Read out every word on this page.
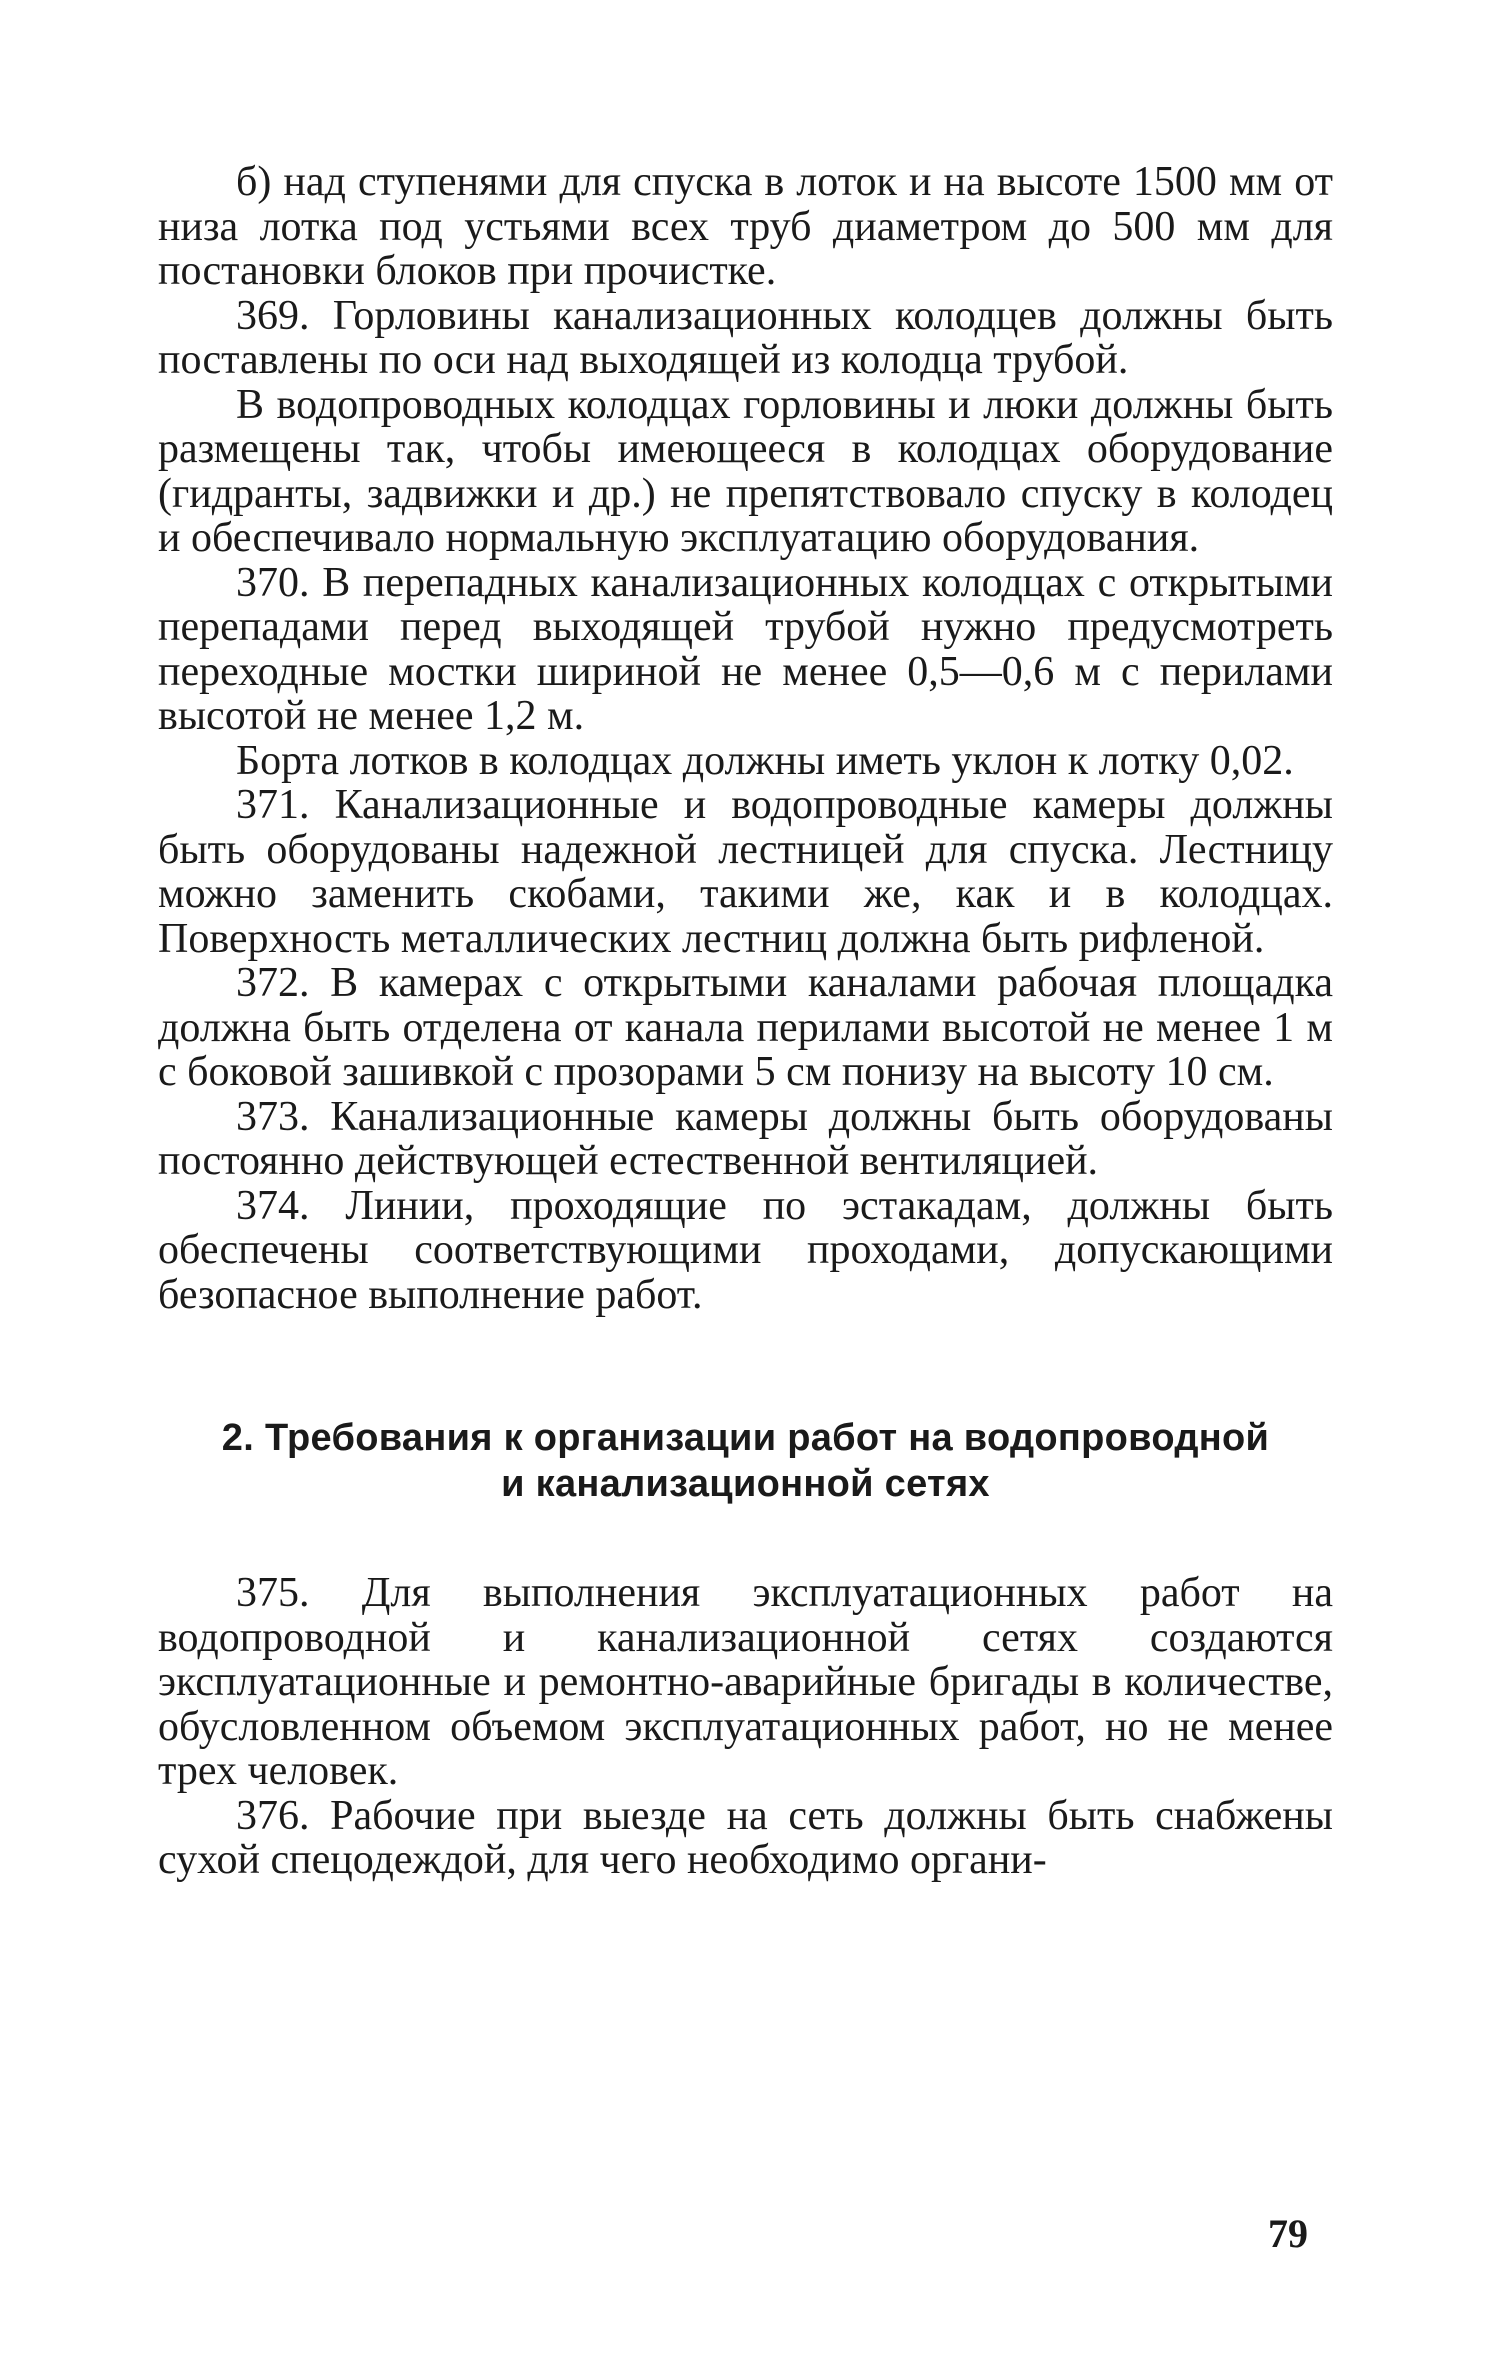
б) над ступенями для спуска в лоток и на высоте 1500 мм от низа лотка под устьями всех труб диаметром до 500 мм для постановки блоков при прочистке.

369. Горловины канализационных колодцев должны быть поставлены по оси над выходящей из колодца трубой.

В водопроводных колодцах горловины и люки должны быть размещены так, чтобы имеющееся в колодцах оборудование (гидранты, задвижки и др.) не препятствовало спуску в колодец и обеспечивало нормальную эксплуатацию оборудования.

370. В перепадных канализационных колодцах с открытыми перепадами перед выходящей трубой нужно предусмотреть переходные мостки шириной не менее 0,5—0,6 м с перилами высотой не менее 1,2 м.

Борта лотков в колодцах должны иметь уклон к лотку 0,02.

371. Канализационные и водопроводные камеры должны быть оборудованы надежной лестницей для спуска. Лестницу можно заменить скобами, такими же, как и в колодцах. Поверхность металлических лестниц должна быть рифленой.

372. В камерах с открытыми каналами рабочая площадка должна быть отделена от канала перилами высотой не менее 1 м с боковой зашивкой с прозорами 5 см понизу на высоту 10 см.

373. Канализационные камеры должны быть оборудованы постоянно действующей естественной вентиляцией.

374. Линии, проходящие по эстакадам, должны быть обеспечены соответствующими проходами, допускающими безопасное выполнение работ.

2. Требования к организации работ на водопроводной
и канализационной сетях

375. Для выполнения эксплуатационных работ на водопроводной и канализационной сетях создаются эксплуатационные и ремонтно-аварийные бригады в количестве, обусловленном объемом эксплуатационных работ, но не менее трех человек.

376. Рабочие при выезде на сеть должны быть снабжены сухой спецодеждой, для чего необходимо органи-

79
